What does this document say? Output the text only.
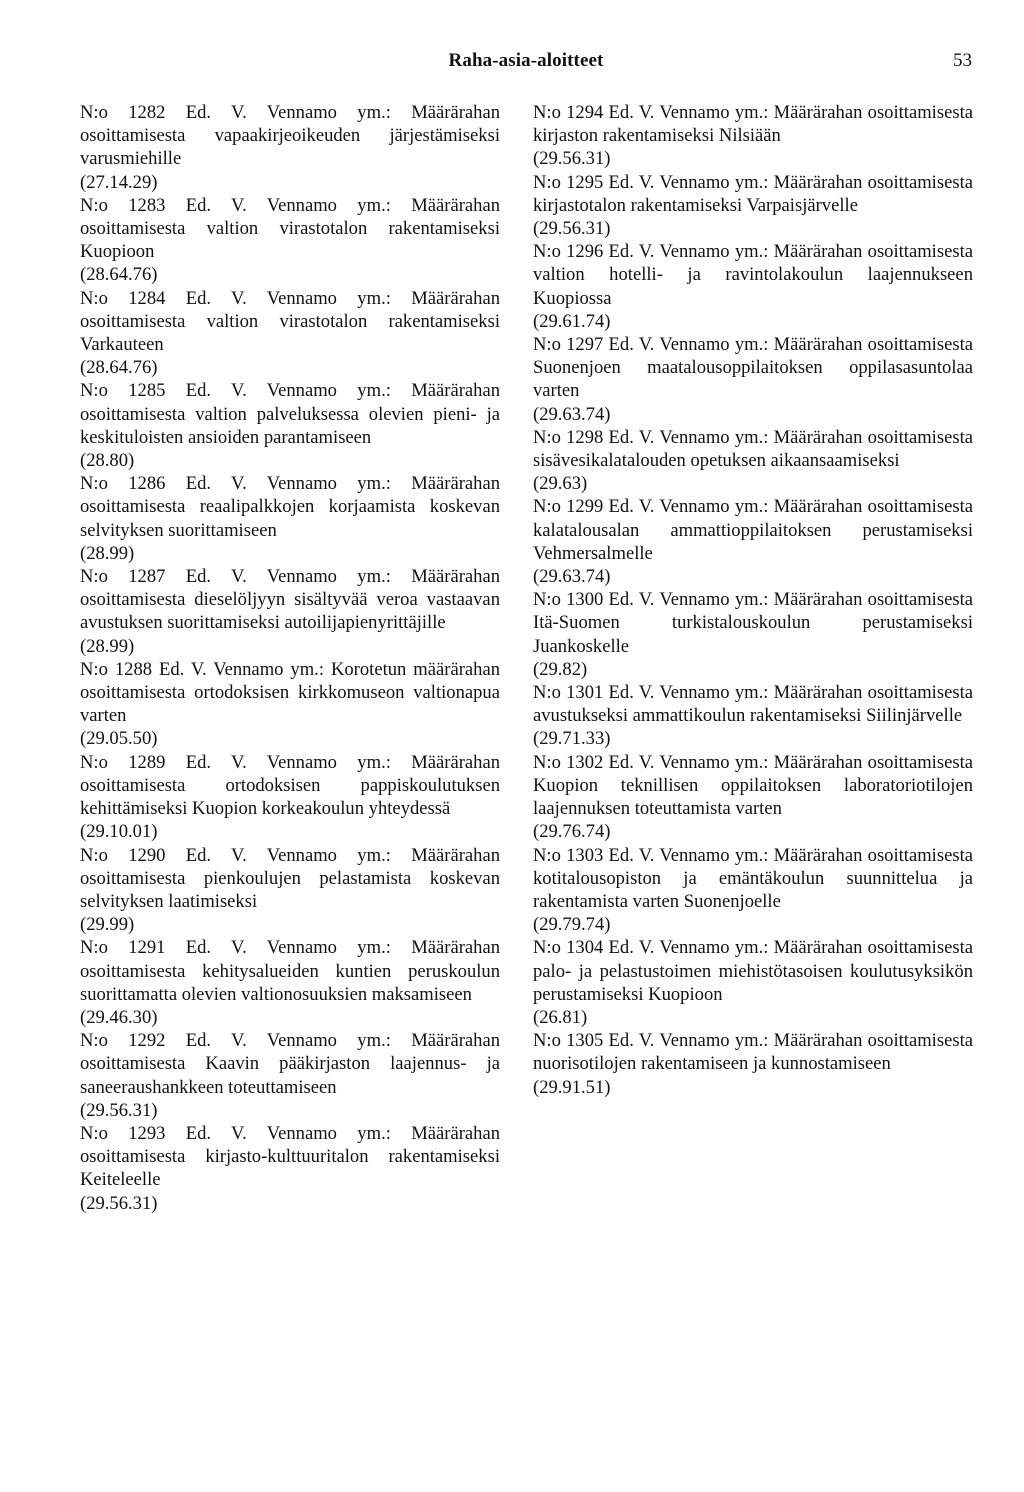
Raha-asia-aloitteet	53

N:o 1282 Ed. V. Vennamo ym.: Määrärahan osoittamisesta vapaakirjeoikeuden järjestämiseksi varusmiehille

(27.14.29)

N:o 1283 Ed. V. Vennamo ym.: Määrärahan osoittamisesta valtion virastotalon rakentamiseksi Kuopioon

(28.64.76)

N:o 1284 Ed. V. Vennamo ym.: Määrärahan osoittamisesta valtion virastotalon rakentamiseksi Varkauteen

(28.64.76)

N:o 1285 Ed. V. Vennamo ym.: Määrärahan osoittamisesta valtion palveluksessa olevien pieni- ja keskituloisten ansioiden parantamiseen

(28.80)

N:o 1286 Ed. V. Vennamo ym.: Määrärahan osoittamisesta reaalipalkkojen korjaamista koskevan selvityksen suorittamiseen

(28.99)

N:o 1287 Ed. V. Vennamo ym.: Määrärahan osoittamisesta dieselöljyyn sisältyvää veroa vastaavan avustuksen suorittamiseksi autoilijapienyrittäjille

(28.99)

N:o 1288 Ed. V. Vennamo ym.: Korotetun määrärahan osoittamisesta ortodoksisen kirkkomuseon valtionapua varten

(29.05.50)

N:o 1289 Ed. V. Vennamo ym.: Määrärahan osoittamisesta ortodoksisen pappiskoulutuksen kehittämiseksi Kuopion korkeakoulun yhteydessä

(29.10.01)

N:o 1290 Ed. V. Vennamo ym.: Määrärahan osoittamisesta pienkoulujen pelastamista koskevan selvityksen laatimiseksi

(29.99)

N:o 1291 Ed. V. Vennamo ym.: Määrärahan osoittamisesta kehitysalueiden kuntien peruskoulun suorittamatta olevien valtionosuuksien maksamiseen

(29.46.30)

N:o 1292 Ed. V. Vennamo ym.: Määrärahan osoittamisesta Kaavin pääkirjaston laajennus- ja saneeraushankkeen toteuttamiseen

(29.56.31)

N:o 1293 Ed. V. Vennamo ym.: Määrärahan osoittamisesta kirjasto-kulttuuritalon rakentamiseksi Keiteleelle

(29.56.31)

N:o 1294 Ed. V. Vennamo ym.: Määrärahan osoittamisesta kirjaston rakentamiseksi Nilsiään

(29.56.31)

N:o 1295 Ed. V. Vennamo ym.: Määrärahan osoittamisesta kirjastotalon rakentamiseksi Varpaisjärvelle

(29.56.31)

N:o 1296 Ed. V. Vennamo ym.: Määrärahan osoittamisesta valtion hotelli- ja ravintolakoulun laajennukseen Kuopiossa

(29.61.74)

N:o 1297 Ed. V. Vennamo ym.: Määrärahan osoittamisesta Suonenjoen maatalousoppilaitoksen oppilasasuntolaa varten

(29.63.74)

N:o 1298 Ed. V. Vennamo ym.: Määrärahan osoittamisesta sisävesikalatalouden opetuksen aikaansaamiseksi

(29.63)

N:o 1299 Ed. V. Vennamo ym.: Määrärahan osoittamisesta kalatalousalan ammattioppilaitoksen perustamiseksi Vehmersalmelle

(29.63.74)

N:o 1300 Ed. V. Vennamo ym.: Määrärahan osoittamisesta Itä-Suomen turkistalouskoulun perustamiseksi Juankoskelle

(29.82)

N:o 1301 Ed. V. Vennamo ym.: Määrärahan osoittamisesta avustukseksi ammattikoulun rakentamiseksi Siilinjärvelle

(29.71.33)

N:o 1302 Ed. V. Vennamo ym.: Määrärahan osoittamisesta Kuopion teknillisen oppilaitoksen laboratoriotilojen laajennuksen toteuttamista varten

(29.76.74)

N:o 1303 Ed. V. Vennamo ym.: Määrärahan osoittamisesta kotitalousopiston ja emäntäkoulun suunnittelua ja rakentamista varten Suonenjoelle

(29.79.74)

N:o 1304 Ed. V. Vennamo ym.: Määrärahan osoittamisesta palo- ja pelastustoimen miehistötasoisen koulutusyksikön perustamiseksi Kuopioon

(26.81)

N:o 1305 Ed. V. Vennamo ym.: Määrärahan osoittamisesta nuorisotilojen rakentamiseen ja kunnostamiseen

(29.91.51)
